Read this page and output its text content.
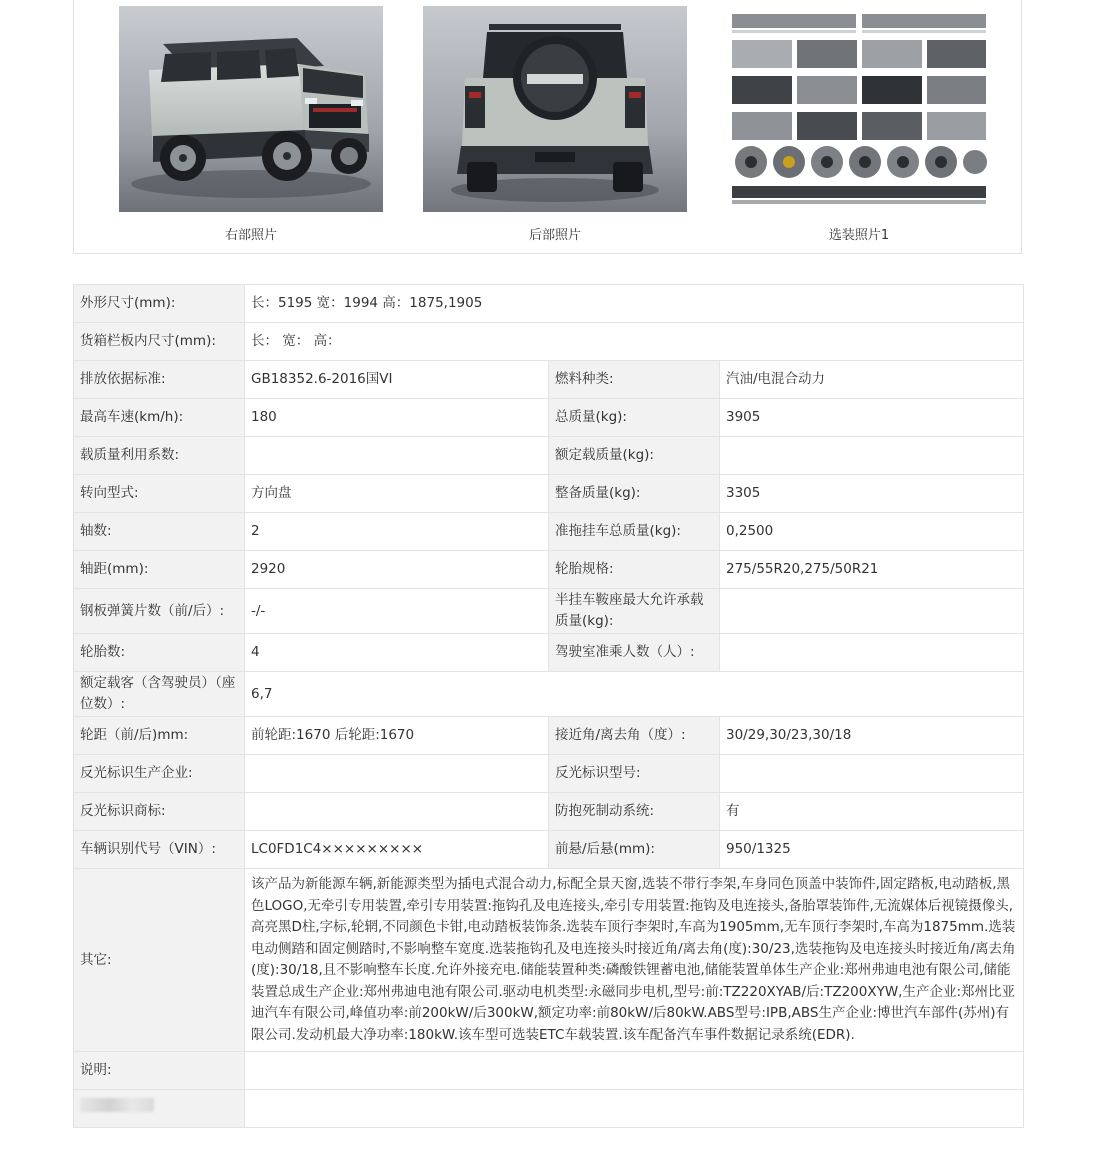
右部照片	后部照片	选装照片1
外形尺寸(mm):	长：5195 宽：1994 高：1875,1905		
货箱栏板内尺寸(mm):	长： 宽： 高：		
排放依据标准:	GB18352.6-2016国VI	燃料种类:	汽油/电混合动力
最高车速(km/h):	180	总质量(kg):	3905
载质量利用系数:		额定载质量(kg):	
转向型式:	方向盘	整备质量(kg):	3305
轴数:	2	准拖挂车总质量(kg):	0,2500
轴距(mm):	2920	轮胎规格:	275/55R20,275/50R21
钢板弹簧片数（前/后）:	-/-	半挂车鞍座最大允许承载质量(kg):	
轮胎数:	4	驾驶室准乘人数（人）:	
额定载客（含驾驶员）（座位数）:	6,7		
轮距（前/后)mm:	前轮距:1670 后轮距:1670	接近角/离去角（度）:	30/29,30/23,30/18
反光标识生产企业:		反光标识型号:	
反光标识商标:		防抱死制动系统:	有
车辆识别代号（VIN）:	LC0FD1C4×××××××××	前悬/后悬(mm):	950/1325
其它:	该产品为新能源车辆,新能源类型为插电式混合动力,标配全景天窗,选装不带行李架,车身同色顶盖中装饰件,固定踏板,电动踏板,黑色LOGO,无牵引专用装置,牵引专用装置:拖钩孔及电连接头,牵引专用装置:拖钩及电连接头,备胎罩装饰件,无流媒体后视镜摄像头,高亮黑D柱,字标,轮辋,不同颜色卡钳,电动踏板装饰条.选装车顶行李架时,车高为1905mm,无车顶行李架时,车高为1875mm.选装电动侧踏和固定侧踏时,不影响整车宽度.选装拖钩孔及电连接头时接近角/离去角(度):30/23,选装拖钩及电连接头时接近角/离去角(度):30/18,且不影响整车长度.允许外接充电.储能装置种类:磷酸铁锂蓄电池,储能装置单体生产企业:郑州弗迪电池有限公司,储能装置总成生产企业:郑州弗迪电池有限公司.驱动电机类型:永磁同步电机,型号:前:TZ220XYAB/后:TZ200XYW,生产企业:郑州比亚迪汽车有限公司,峰值功率:前200kW/后300kW,额定功率:前80kW/后80kW.ABS型号:IPB,ABS生产企业:博世汽车部件(苏州)有限公司.发动机最大净功率:180kW.该车型可选装ETC车载装置.该车配备汽车事件数据记录系统(EDR).		
说明:			
